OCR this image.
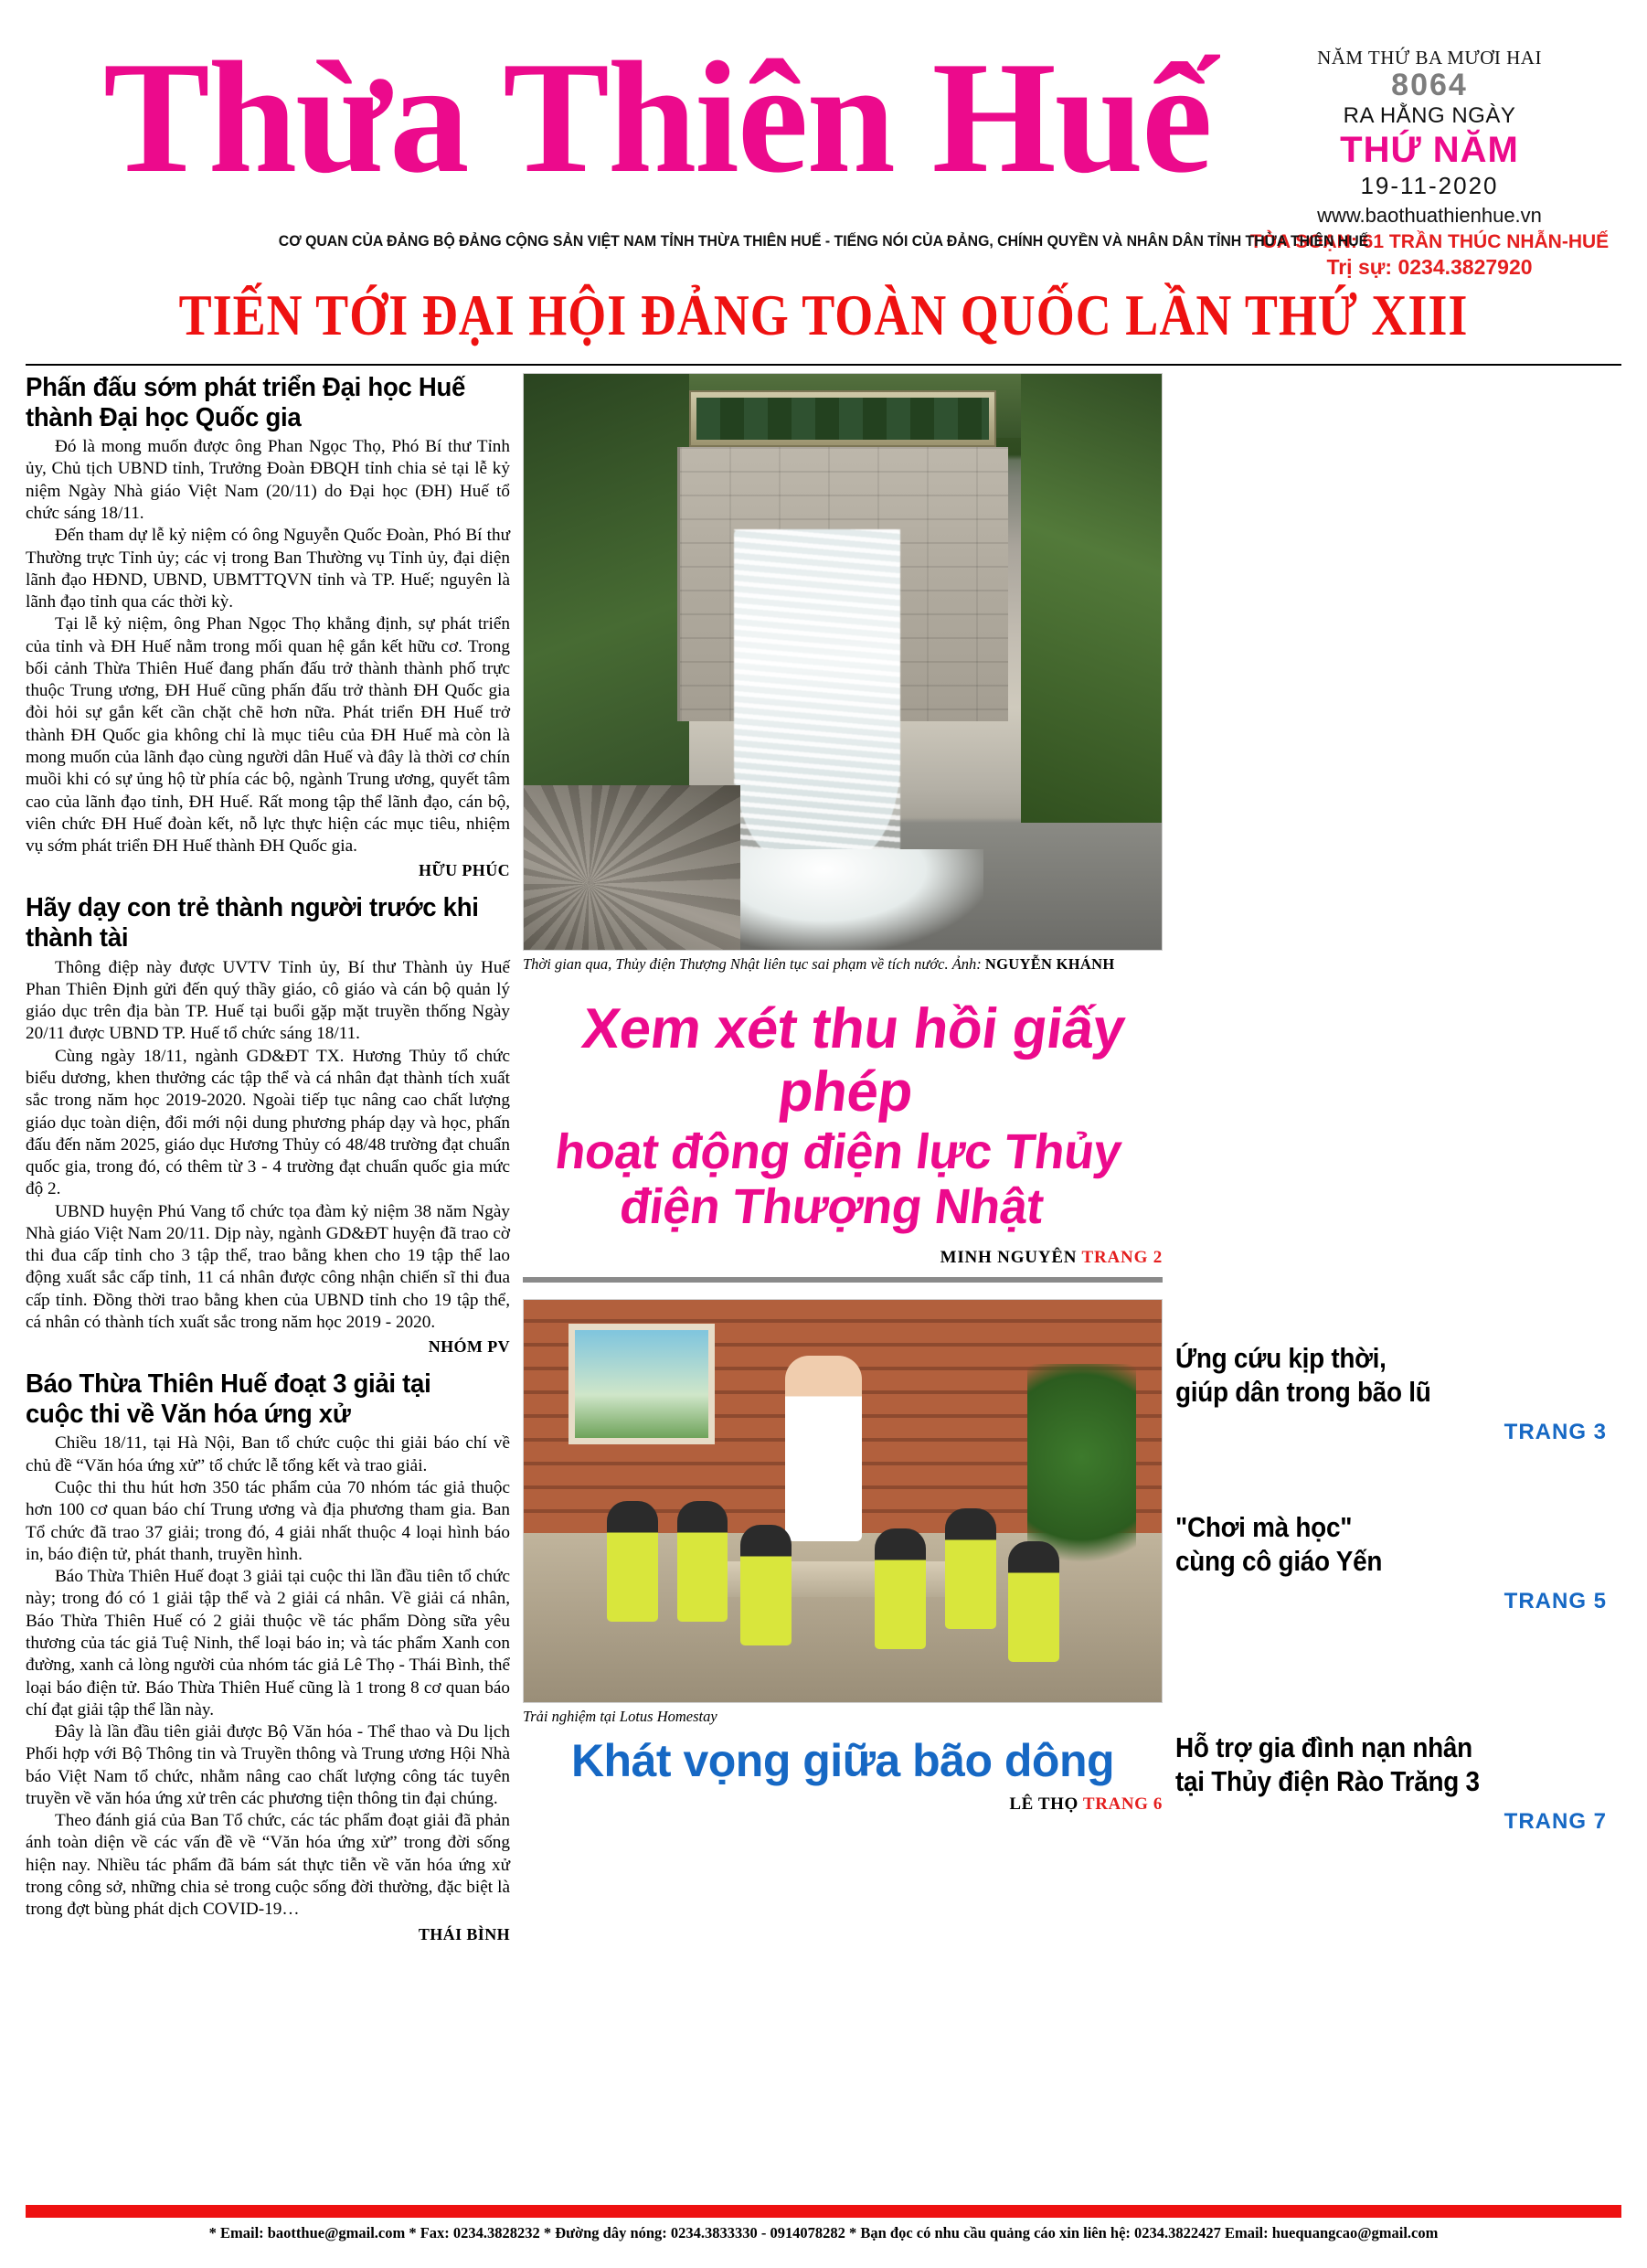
Thừa Thiên Huế	NĂM THỨ BA MƯƠI HAI
8064
RA HẰNG NGÀY
THỨ NĂM
19-11-2020
www.baothuathienhue.vn
TÒA SOẠN: 61 TRẦN THÚC NHẪN-HUẾ
Trị sự: 0234.3827920
CƠ QUAN CỦA ĐẢNG BỘ ĐẢNG CỘNG SẢN VIỆT NAM TỈNH THỪA THIÊN HUẾ - TIẾNG NÓI CỦA ĐẢNG, CHÍNH QUYỀN VÀ NHÂN DÂN TỈNH THỪA THIÊN HUẾ
TIẾN TỚI ĐẠI HỘI ĐẢNG TOÀN QUỐC LẦN THỨ XIII
Phấn đấu sớm phát triển Đại học Huế thành Đại học Quốc gia

Đó là mong muốn được ông Phan Ngọc Thọ, Phó Bí thư Tỉnh ủy, Chủ tịch UBND tỉnh, Trưởng Đoàn ĐBQH tỉnh chia sẻ tại lễ kỷ niệm Ngày Nhà giáo Việt Nam (20/11) do Đại học (ĐH) Huế tổ chức sáng 18/11.

Đến tham dự lễ kỷ niệm có ông Nguyễn Quốc Đoàn, Phó Bí thư Thường trực Tỉnh ủy; các vị trong Ban Thường vụ Tỉnh ủy, đại diện lãnh đạo HĐND, UBND, UBMTTQVN tỉnh và TP. Huế; nguyên là lãnh đạo tỉnh qua các thời kỳ.

Tại lễ kỷ niệm, ông Phan Ngọc Thọ khẳng định, sự phát triển của tỉnh và ĐH Huế nằm trong mối quan hệ gắn kết hữu cơ. Trong bối cảnh Thừa Thiên Huế đang phấn đấu trở thành thành phố trực thuộc Trung ương, ĐH Huế cũng phấn đấu trở thành ĐH Quốc gia đòi hỏi sự gắn kết cần chặt chẽ hơn nữa. Phát triển ĐH Huế trở thành ĐH Quốc gia không chỉ là mục tiêu của ĐH Huế mà còn là mong muốn của lãnh đạo cùng người dân Huế và đây là thời cơ chín muồi khi có sự ủng hộ từ phía các bộ, ngành Trung ương, quyết tâm cao của lãnh đạo tỉnh, ĐH Huế. Rất mong tập thể lãnh đạo, cán bộ, viên chức ĐH Huế đoàn kết, nỗ lực thực hiện các mục tiêu, nhiệm vụ sớm phát triển ĐH Huế thành ĐH Quốc gia.

HỮU PHÚC
Hãy dạy con trẻ thành người trước khi thành tài

Thông điệp này được UVTV Tỉnh ủy, Bí thư Thành ủy Huế Phan Thiên Định gửi đến quý thầy giáo, cô giáo và cán bộ quản lý giáo dục trên địa bàn TP. Huế tại buổi gặp mặt truyền thống Ngày 20/11 được UBND TP. Huế tổ chức sáng 18/11.

Cùng ngày 18/11, ngành GD&ĐT TX. Hương Thủy tổ chức biểu dương, khen thưởng các tập thể và cá nhân đạt thành tích xuất sắc trong năm học 2019-2020. Ngoài tiếp tục nâng cao chất lượng giáo dục toàn diện, đổi mới nội dung phương pháp dạy và học, phấn đấu đến năm 2025, giáo dục Hương Thủy có 48/48 trường đạt chuẩn quốc gia, trong đó, có thêm từ 3 - 4 trường đạt chuẩn quốc gia mức độ 2.

UBND huyện Phú Vang tổ chức tọa đàm kỷ niệm 38 năm Ngày Nhà giáo Việt Nam 20/11. Dịp này, ngành GD&ĐT huyện đã trao cờ thi đua cấp tỉnh cho 3 tập thể, trao bằng khen cho 19 tập thể lao động xuất sắc cấp tỉnh, 11 cá nhân được công nhận chiến sĩ thi đua cấp tỉnh. Đồng thời trao bằng khen của UBND tỉnh cho 19 tập thể, cá nhân có thành tích xuất sắc trong năm học 2019 - 2020.

NHÓM PV
Báo Thừa Thiên Huế đoạt 3 giải tại cuộc thi về Văn hóa ứng xử

Chiều 18/11, tại Hà Nội, Ban tổ chức cuộc thi giải báo chí về chủ đề “Văn hóa ứng xử” tổ chức lễ tổng kết và trao giải.

Cuộc thi thu hút hơn 350 tác phẩm của 70 nhóm tác giả thuộc hơn 100 cơ quan báo chí Trung ương và địa phương tham gia. Ban Tổ chức đã trao 37 giải; trong đó, 4 giải nhất thuộc 4 loại hình báo in, báo điện tử, phát thanh, truyền hình.

Báo Thừa Thiên Huế đoạt 3 giải tại cuộc thi lần đầu tiên tổ chức này; trong đó có 1 giải tập thể và 2 giải cá nhân. Về giải cá nhân, Báo Thừa Thiên Huế có 2 giải thuộc về tác phẩm Dòng sữa yêu thương của tác giả Tuệ Ninh, thể loại báo in; và tác phẩm Xanh con đường, xanh cả lòng người của nhóm tác giả Lê Thọ - Thái Bình, thể loại báo điện tử. Báo Thừa Thiên Huế cũng là 1 trong 8 cơ quan báo chí đạt giải tập thể lần này.

Đây là lần đầu tiên giải được Bộ Văn hóa - Thể thao và Du lịch Phối hợp với Bộ Thông tin và Truyền thông và Trung ương Hội Nhà báo Việt Nam tổ chức, nhằm nâng cao chất lượng công tác tuyên truyền về văn hóa ứng xử trên các phương tiện thông tin đại chúng.

Theo đánh giá của Ban Tổ chức, các tác phẩm đoạt giải đã phản ánh toàn diện về các vấn đề về “Văn hóa ứng xử” trong đời sống hiện nay. Nhiều tác phẩm đã bám sát thực tiễn về văn hóa ứng xử trong công sở, những chia sẻ trong cuộc sống đời thường, đặc biệt là trong đợt bùng phát dịch COVID-19…

THÁI BÌNH
Thời gian qua, Thủy điện Thượng Nhật liên tục sai phạm về tích nước. Ảnh: NGUYỄN KHÁNH
Xem xét thu hồi giấy phép
hoạt động điện lực Thủy điện Thượng Nhật
MINH NGUYÊN TRANG 2
Trải nghiệm tại Lotus Homestay
Khát vọng giữa bão dông
LÊ THỌ TRANG 6
Ứng cứu kịp thời,
giúp dân trong bão lũ
TRANG 3
"Chơi mà học"
cùng cô giáo Yến
TRANG 5
Hỗ trợ gia đình nạn nhân
tại Thủy điện Rào Trăng 3
TRANG 7
* Email: baotthue@gmail.com * Fax: 0234.3828232 * Đường dây nóng: 0234.3833330 - 0914078282 * Bạn đọc có nhu cầu quảng cáo xin liên hệ: 0234.3822427 Email: huequangcao@gmail.com
